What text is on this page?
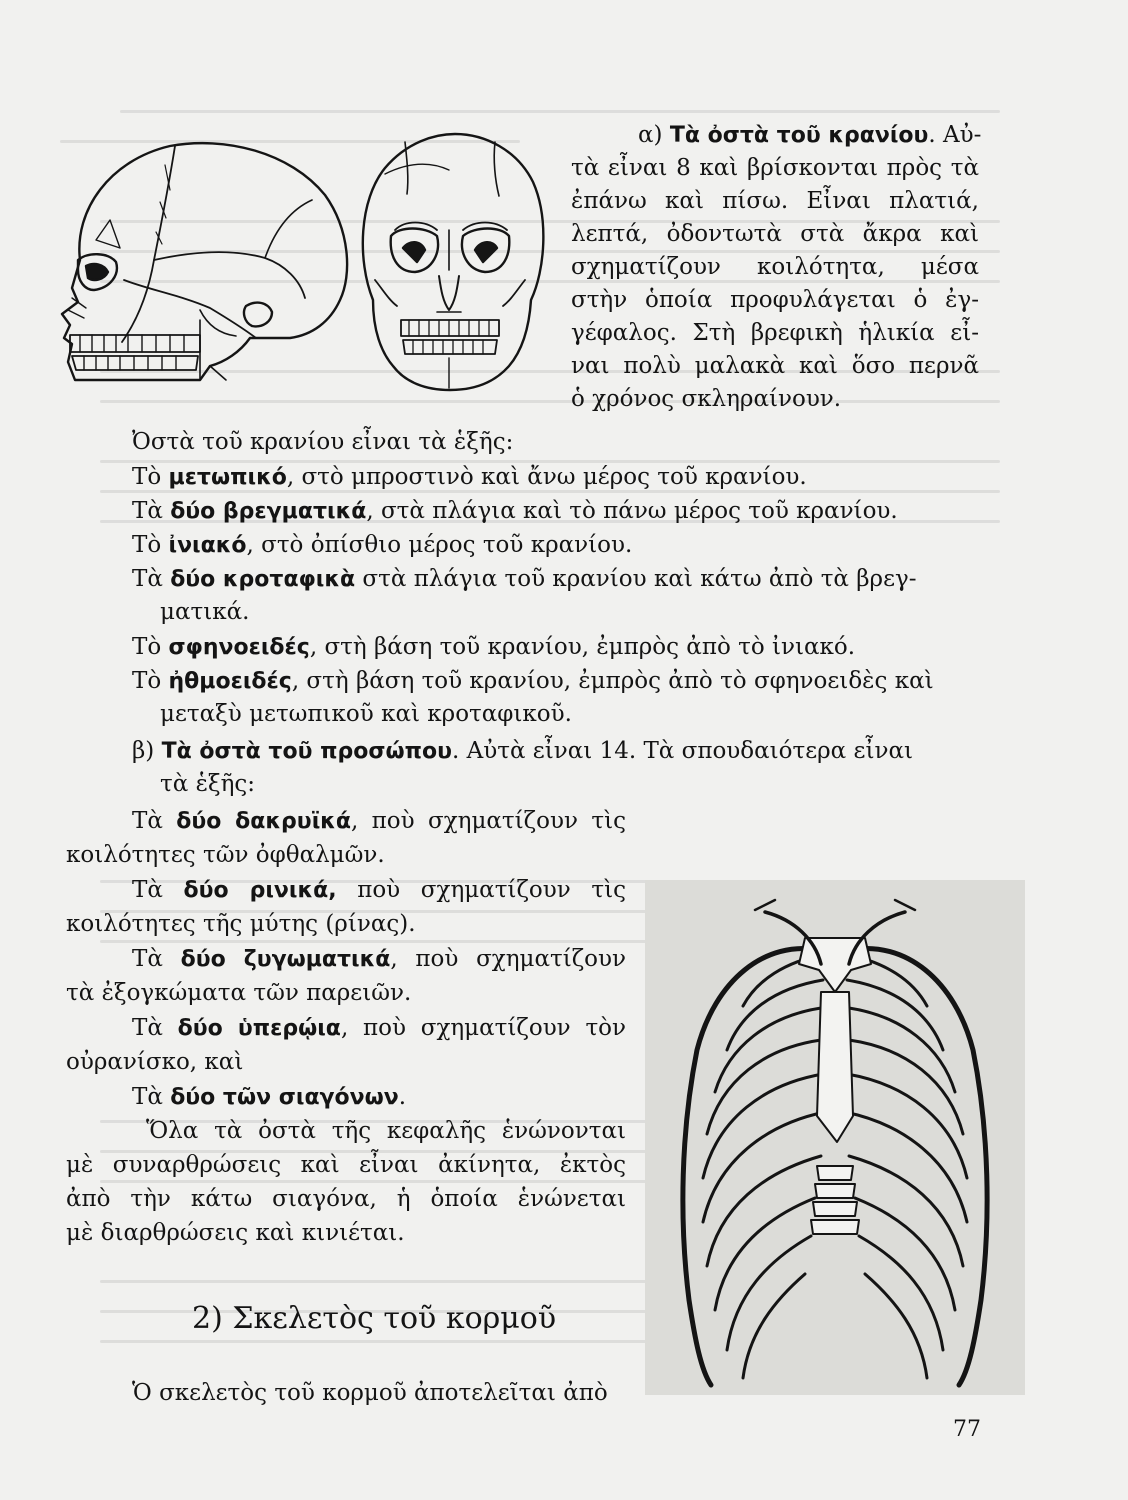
α) Τὰ ὀστὰ τοῦ κρανίου. Αὐ-
τὰ εἶναι 8 καὶ βρίσκονται πρὸς τὰ
ἐπάνω καὶ πίσω. Εἶναι πλατιά,
λεπτά, ὀδοντωτὰ στὰ ἄκρα καὶ
σχηματίζουν κοιλότητα, μέσα
στὴν ὁποία προφυλάγεται ὁ ἐγ-
γέφαλος. Στὴ βρεφικὴ ἡλικία εἶ-
ναι πολὺ μαλακὰ καὶ ὅσο περνᾶ
ὁ χρόνος σκληραίνουν.
Ὀστὰ τοῦ κρανίου εἶναι τὰ ἑξῆς:
Τὸ μετωπικό, στὸ μπροστινὸ καὶ ἄνω μέρος τοῦ κρανίου.
Τὰ δύο βρεγματικά, στὰ πλάγια καὶ τὸ πάνω μέρος τοῦ κρανίου.
Τὸ ἰνιακό, στὸ ὀπίσθιο μέρος τοῦ κρανίου.
Τὰ δύο κροταφικὰ στὰ πλάγια τοῦ κρανίου καὶ κάτω ἀπὸ τὰ βρεγ-
ματικά.
Τὸ σφηνοειδές, στὴ βάση τοῦ κρανίου, ἐμπρὸς ἀπὸ τὸ ἰνιακό.
Τὸ ἠθμοειδές, στὴ βάση τοῦ κρανίου, ἐμπρὸς ἀπὸ τὸ σφηνοειδὲς καὶ
μεταξὺ μετωπικοῦ καὶ κροταφικοῦ.
β) Τὰ ὀστὰ τοῦ προσώπου. Αὐτὰ εἶναι 14. Τὰ σπουδαιότερα εἶναι
τὰ ἑξῆς:
Τὰ δύο δακρυϊκά, ποὺ σχηματίζουν τὶς
κοιλότητες τῶν ὀφθαλμῶν.
Τὰ δύο ρινικά, ποὺ σχηματίζουν τὶς
κοιλότητες τῆς μύτης (ρίνας).
Τὰ δύο ζυγωματικά, ποὺ σχηματίζουν
τὰ ἐξογκώματα τῶν παρειῶν.
Τὰ δύο ὑπερῴια, ποὺ σχηματίζουν τὸν
οὐρανίσκο, καὶ
Τὰ δύο τῶν σιαγόνων.
Ὅλα τὰ ὀστὰ τῆς κεφαλῆς ἑνώνονται
μὲ συναρθρώσεις καὶ εἶναι ἀκίνητα, ἐκτὸς
ἀπὸ τὴν κάτω σιαγόνα, ἡ ὁποία ἑνώνεται
μὲ διαρθρώσεις καὶ κινιέται.
2) Σκελετὸς τοῦ κορμοῦ
Ὁ σκελετὸς τοῦ κορμοῦ ἀποτελεῖται ἀπὸ
77
